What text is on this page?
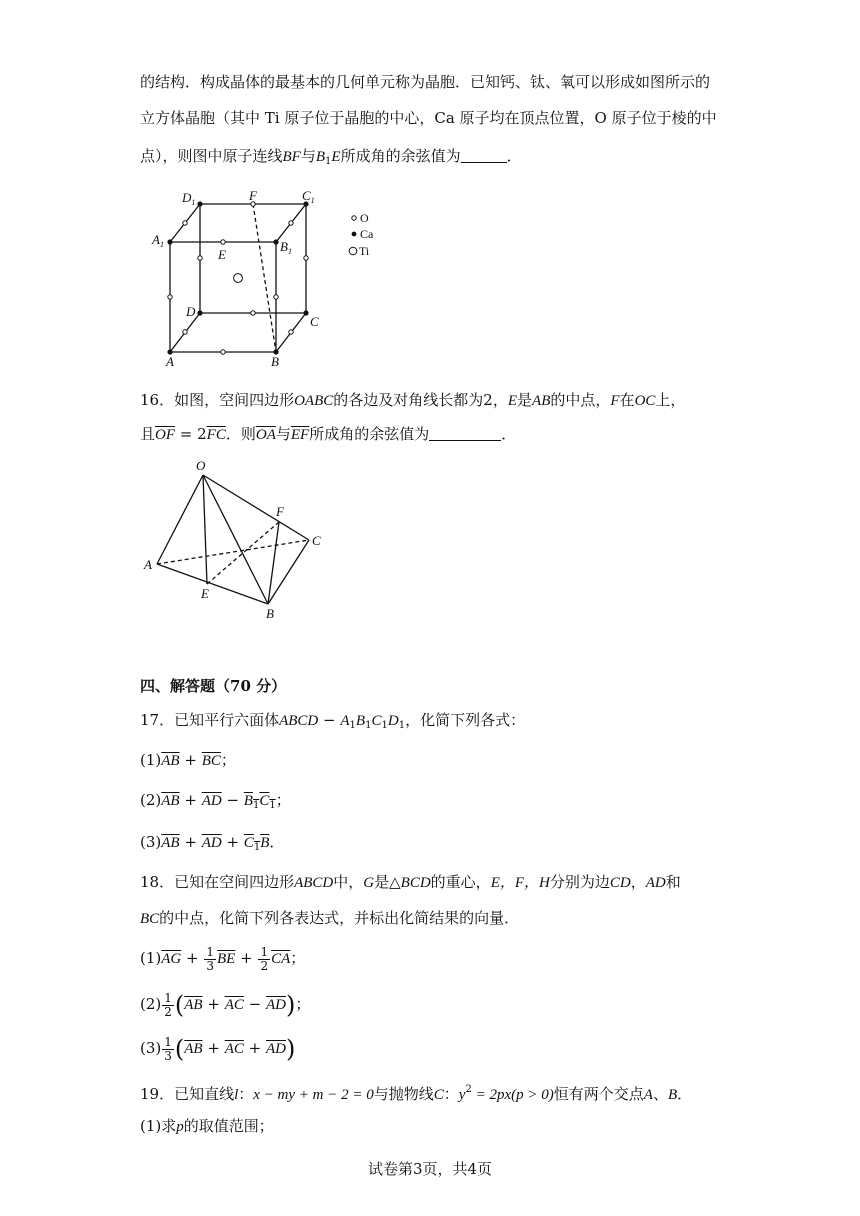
的结构．构成晶体的最基本的几何单元称为晶胞．已知钙、钛、氧可以形成如图所示的
立方体晶胞（其中 Ti 原子位于晶胞的中心，Ca 原子均在顶点位置，O 原子位于棱的中
点），则图中原子连线BF与$B_1E$所成角的余弦值为	．
A	B
C
D
$A_1$	$B_1$
$C_1$
$D_1$
E
F
O
Ca
Ti
16．如图，空间四边形OABC的各边及对角线长都为2，E是AB的中点，F在OC上，
且$\overline{OF} = 2\overline{FC}$．则$\overline{OA}$与$\overline{EF}$所成角的余弦值为	．
O
A
B
C
E
F
四、解答题（70 分）
17．已知平行六面体ABCD − $A_1B_1C_1D_1$，化简下列各式：
$(1)\overline{AB} + \overline{BC}$；
$(2)\overline{AB} + \overline{AD} - B_1C_1$；
$(3)\overline{AB} + \overline{AD} + C_1B$．
18．已知在空间四边形ABCD中，G是△BCD的重心，E，F，H分别为边CD，AD和
BC的中点，化简下列各表达式，并标出化简结果的向量．
$(1)\overline{AG} + \frac{1}{3} \overline{BE} + \frac{1}{2} \overline{CA}$；
$(2) \frac{1}{2} (\overline{AB} + \overline{AC} - \overline{AD})$；
$(3) \frac{1}{3} (\overline{AB} + \overline{AC} + \overline{AD})$
19．已知直线l：x − my + m − 2 = 0与抛物线C：$y^2 = 2px(p > 0)$恒有两个交点A、B．
(1)求p的取值范围；
试卷第3页，共4页
